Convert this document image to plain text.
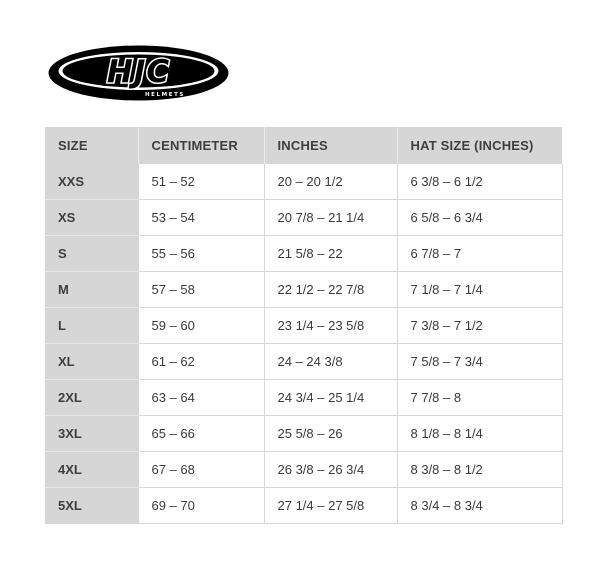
HJC
HELMETS
SIZE	CENTIMETER	INCHES	HAT SIZE (INCHES)
XXS	51 – 52	20 – 20 1/2	6 3/8 – 6 1/2
XS	53 – 54	20 7/8 – 21 1/4	6 5/8 – 6 3/4
S	55 – 56	21 5/8 – 22	6 7/8 – 7
M	57 – 58	22 1/2 – 22 7/8	7 1/8 – 7 1/4
L	59 – 60	23 1/4 – 23 5/8	7 3/8 – 7 1/2
XL	61 – 62	24 – 24 3/8	7 5/8 – 7 3/4
2XL	63 – 64	24 3/4 – 25 1/4	7 7/8 – 8
3XL	65 – 66	25 5/8 – 26	8 1/8 – 8 1/4
4XL	67 – 68	26 3/8 – 26 3/4	8 3/8 – 8 1/2
5XL	69 – 70	27 1/4 – 27 5/8	8 3/4 – 8 3/4
